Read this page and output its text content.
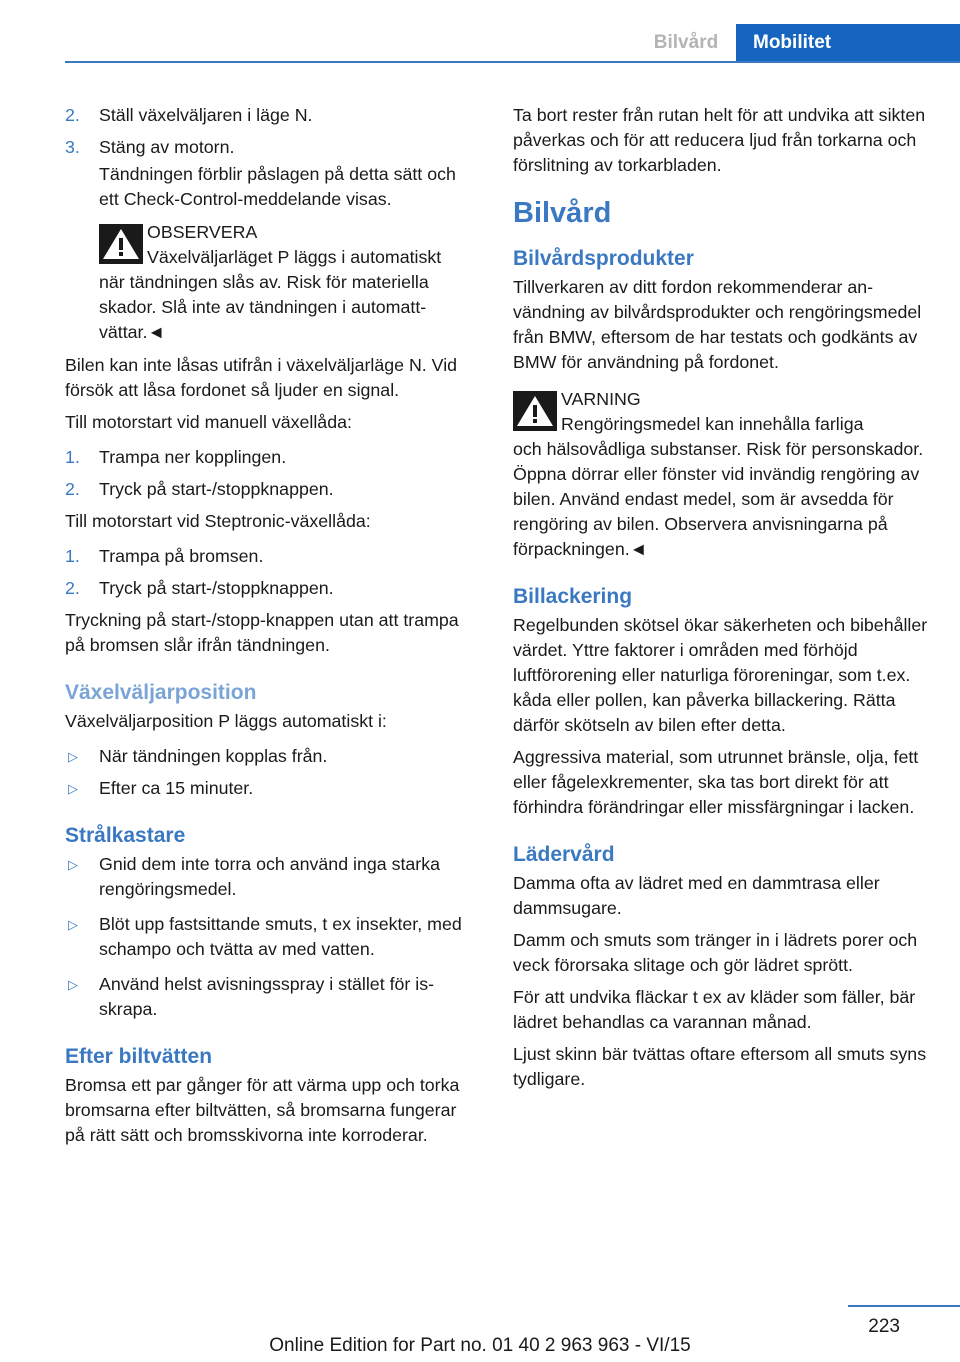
Bilvård	Mobilitet
2. Ställ växelväljaren i läge N.
3. Stäng av motorn.
Tändningen förblir påslagen på detta sätt och ett Check-Control-meddelande visas.
OBSERVERA
Växelväljarläget P läggs i automatiskt
när tändningen slås av. Risk för materiella skador. Slå inte av tändningen i automattvättar.◄

Bilen kan inte låsas utifrån i växelväljarläge N. Vid försök att låsa fordonet så ljuder en signal.

Till motorstart vid manuell växellåda:

1. Trampa ner kopplingen.
2. Tryck på start-/stoppknappen.

Till motorstart vid Steptronic-växellåda:

1. Trampa på bromsen.
2. Tryck på start-/stoppknappen.

Tryckning på start-/stopp-knappen utan att trampa på bromsen slår ifrån tändningen.

Växelväljarposition

Växelväljarposition P läggs automatiskt i:

▷ När tändningen kopplas från.
▷ Efter ca 15 minuter.
Strålkastare
▷ Gnid dem inte torra och använd inga starka rengöringsmedel.
▷ Blöt upp fastsittande smuts, t ex insekter, med schampo och tvätta av med vatten.
▷ Använd helst avisningsspray i stället för isskrapa.
Efter biltvätten

Bromsa ett par gånger för att värma upp och torka bromsarna efter biltvätten, så bromsarna fungerar på rätt sätt och bromsskivorna inte korroderar.

Ta bort rester från rutan helt för att undvika att sikten påverkas och för att reducera ljud från torkarna och förslitning av torkarbladen.

Bilvård
Bilvårdsprodukter

Tillverkaren av ditt fordon rekommenderar användning av bilvårdsprodukter och rengöringsmedel från BMW, eftersom de har testats och godkänts av BMW för användning på fordonet.

VARNING
Rengöringsmedel kan innehålla farliga
och hälsovådliga substanser. Risk för personskador. Öppna dörrar eller fönster vid invändig rengöring av bilen. Använd endast medel, som är avsedda för rengöring av bilen. Observera anvisningarna på förpackningen.◄
Billackering

Regelbunden skötsel ökar säkerheten och bibehåller värdet. Yttre faktorer i områden med förhöjd luftförorening eller naturliga föroreningar, som t.ex. kåda eller pollen, kan påverka billackering. Rätta därför skötseln av bilen efter detta.

Aggressiva material, som utrunnet bränsle, olja, fett eller fågelexkrementer, ska tas bort direkt för att förhindra förändringar eller missfärgningar i lacken.

Lädervård

Damma ofta av lädret med en dammtrasa eller dammsugare.

Damm och smuts som tränger in i lädrets porer och veck förorsaka slitage och gör lädret sprött.

För att undvika fläckar t ex av kläder som fäller, bär lädret behandlas ca varannan månad.

Ljust skinn bär tvättas oftare eftersom all smuts syns tydligare.

223
Online Edition for Part no. 01 40 2 963 963 - VI/15
